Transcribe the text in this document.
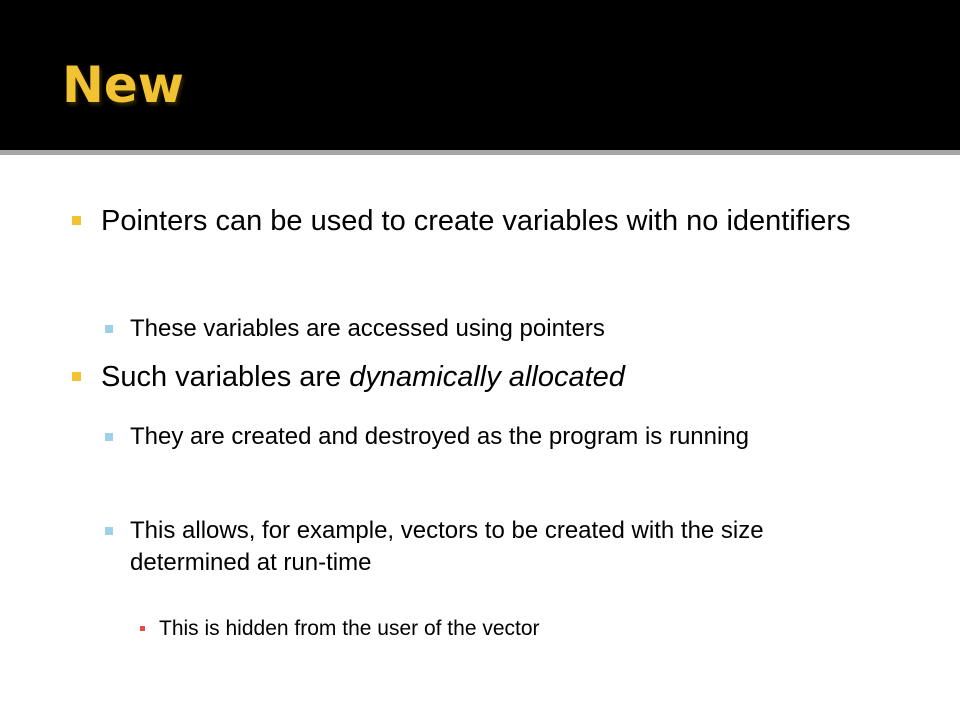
New
Pointers can be used to create variables with no identifiers
These variables are accessed using pointers
Such variables are dynamically allocated
They are created and destroyed as the program is running
This allows, for example, vectors to be created with the size determined at run-time
This is hidden from the user of the vector
